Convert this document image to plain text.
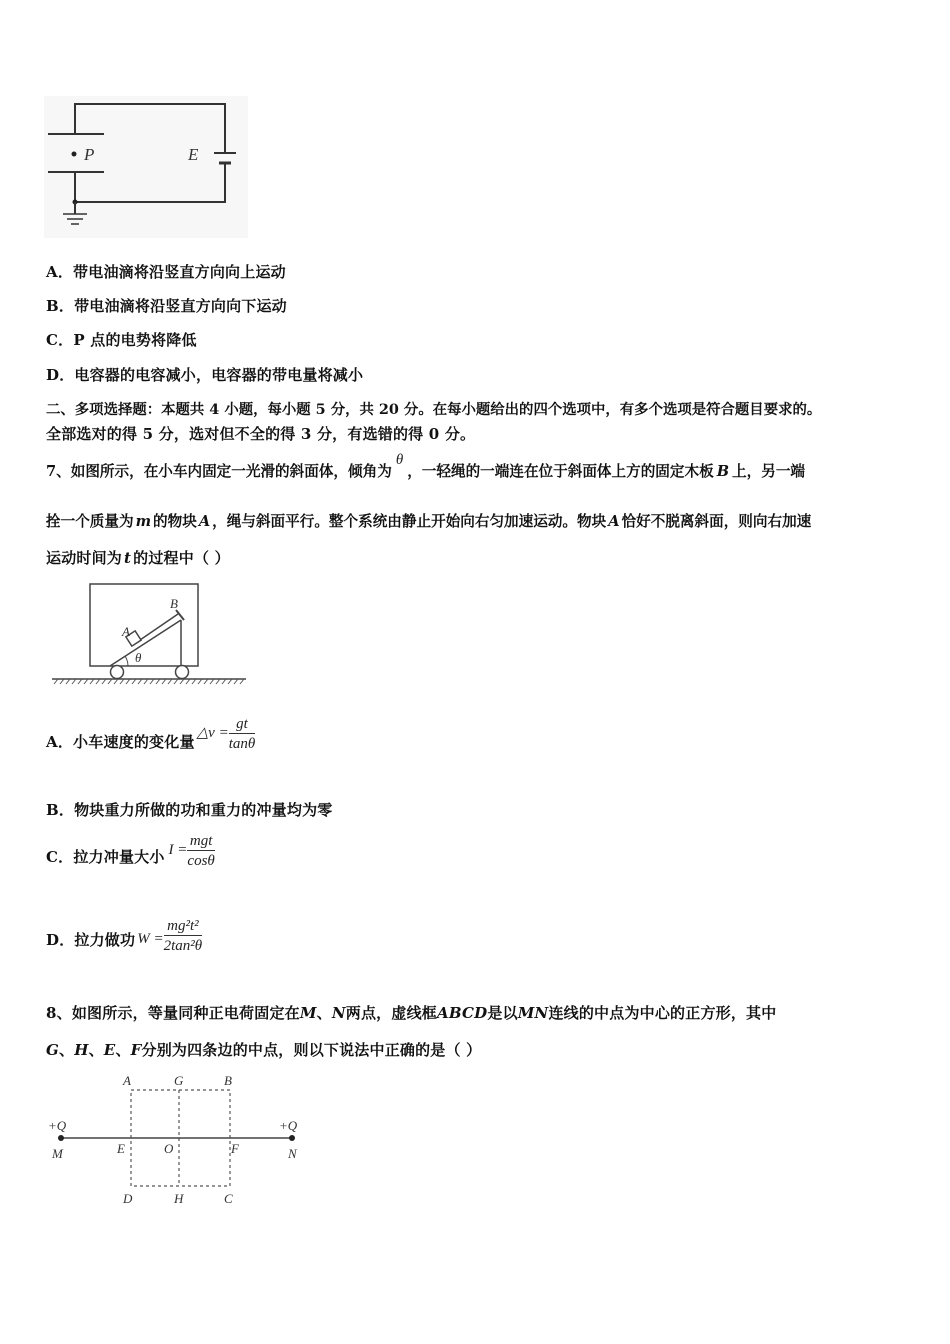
P	E
A．带电油滴将沿竖直方向向上运动
B．带电油滴将沿竖直方向向下运动
C．P 点的电势将降低
D．电容器的电容减小，电容器的带电量将减小
二、多项选择题：本题共 4 小题，每小题 5 分，共 20 分。在每小题给出的四个选项中，有多个选项是符合题目要求的。
全部选对的得 5 分，选对但不全的得 3 分，有选错的得 0 分。
7、如图所示，在小车内固定一光滑的斜面体，倾角为θ，一轻绳的一端连在位于斜面体上方的固定木板 B 上，另一端
拴一个质量为 m 的物块 A ，绳与斜面平行。整个系统由静止开始向右匀加速运动。物块 A 恰好不脱离斜面，则向右加速
运动时间为 t 的过程中（ ）
A
B
θ
A．小车速度的变化量 △v = $\frac{gt}{\tan\theta}$
B．物块重力所做的功和重力的冲量均为零
C．拉力冲量大小 $I = \frac{\text{mgt}}{\cos\theta}$
D．拉力做功 $W = \frac{\text{mg²t²}}{\text{2tan²θ}}$
8、如图所示，等量同种正电荷固定在M、N两点，虚线框ABCD是以MN连线的中点为中心的正方形，其中
G、H、E、F分别为四条边的中点，则以下说法中正确的是（ ）
A	G	B
+Q	+Q
M	E	O	F	N
D	H	C
